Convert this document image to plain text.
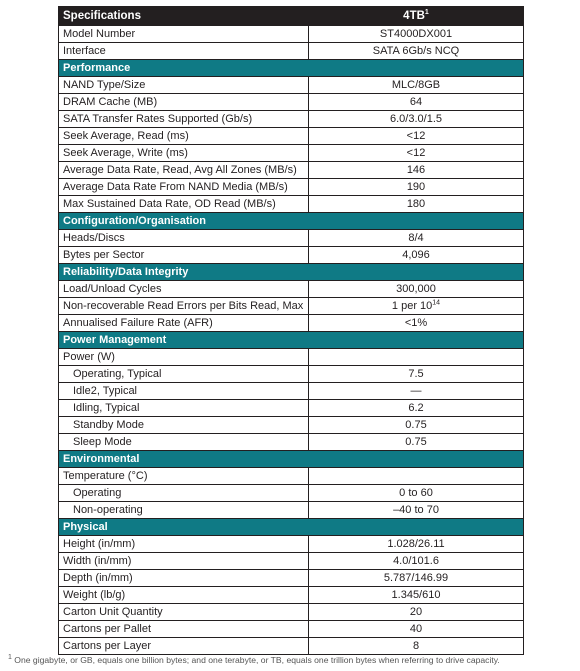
Specifications	$4TB^1$
Model Number	ST4000DX001
Interface	SATA 6Gb/s NCQ
Performance	
NAND Type/Size	MLC/8GB
DRAM Cache (MB)	64
SATA Transfer Rates Supported (Gb/s)	6.0/3.0/1.5
Seek Average, Read (ms)	<12
Seek Average, Write (ms)	<12
Average Data Rate, Read, Avg All Zones (MB/s)	146
Average Data Rate From NAND Media (MB/s)	190
Max Sustained Data Rate, OD Read (MB/s)	180
Configuration/Organisation	
Heads/Discs	8/4
Bytes per Sector	4,096
Reliability/Data Integrity	
Load/Unload Cycles	300,000
Non-recoverable Read Errors per Bits Read, Max	1 per $10^{14}$
Annualised Failure Rate (AFR)	<1%
Power Management	
Power (W)	
Operating, Typical	7.5
Idle2, Typical	—
Idling, Typical	6.2
Standby Mode	0.75
Sleep Mode	0.75
Environmental	
Temperature (°C)	
Operating	0 to 60
Non-operating	–40 to 70
Physical	
Height (in/mm)	1.028/26.11
Width (in/mm)	4.0/101.6
Depth (in/mm)	5.787/146.99
Weight (lb/g)	1.345/610
Carton Unit Quantity	20
Cartons per Pallet	40
Cartons per Layer	8
$^1$ One gigabyte, or GB, equals one billion bytes; and one terabyte, or TB, equals one trillion bytes when referring to drive capacity.
